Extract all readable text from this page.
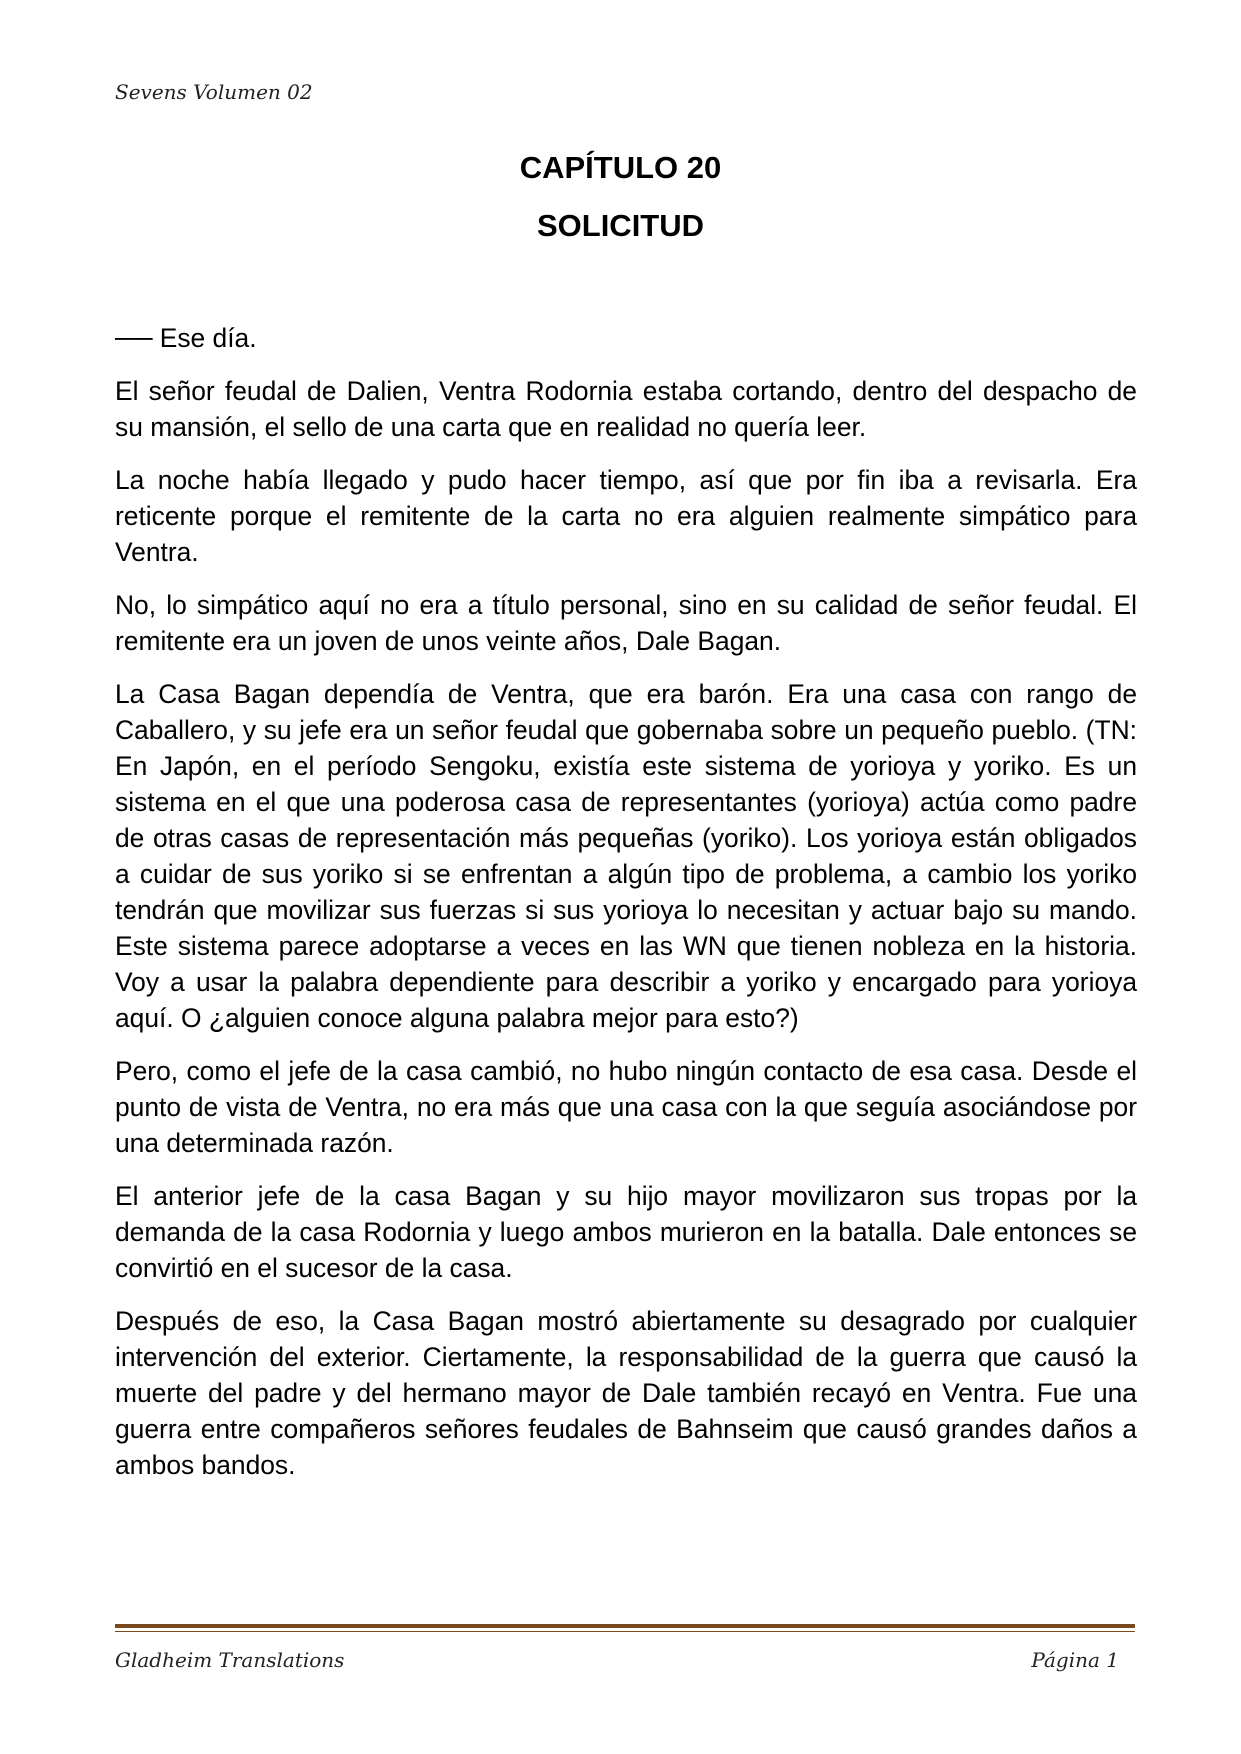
Sevens Volumen 02
CAPÍTULO 20
SOLICITUD

── Ese día.

El señor feudal de Dalien, Ventra Rodornia estaba cortando, dentro del despacho de su mansión, el sello de una carta que en realidad no quería leer.

La noche había llegado y pudo hacer tiempo, así que por fin iba a revisarla. Era reticente porque el remitente de la carta no era alguien realmente simpático para Ventra.

No, lo simpático aquí no era a título personal, sino en su calidad de señor feudal. El remitente era un joven de unos veinte años, Dale Bagan.

La Casa Bagan dependía de Ventra, que era barón. Era una casa con rango de Caballero, y su jefe era un señor feudal que gobernaba sobre un pequeño pueblo. (TN: En Japón, en el período Sengoku, existía este sistema de yorioya y yoriko. Es un sistema en el que una poderosa casa de representantes (yorioya) actúa como padre de otras casas de representación más pequeñas (yoriko). Los yorioya están obligados a cuidar de sus yoriko si se enfrentan a algún tipo de problema, a cambio los yoriko tendrán que movilizar sus fuerzas si sus yorioya lo necesitan y actuar bajo su mando. Este sistema parece adoptarse a veces en las WN que tienen nobleza en la historia. Voy a usar la palabra dependiente para describir a yoriko y encargado para yorioya aquí. O ¿alguien conoce alguna palabra mejor para esto?)

Pero, como el jefe de la casa cambió, no hubo ningún contacto de esa casa. Desde el punto de vista de Ventra, no era más que una casa con la que seguía asociándose por una determinada razón.

El anterior jefe de la casa Bagan y su hijo mayor movilizaron sus tropas por la demanda de la casa Rodornia y luego ambos murieron en la batalla. Dale entonces se convirtió en el sucesor de la casa.

Después de eso, la Casa Bagan mostró abiertamente su desagrado por cualquier intervención del exterior. Ciertamente, la responsabilidad de la guerra que causó la muerte del padre y del hermano mayor de Dale también recayó en Ventra. Fue una guerra entre compañeros señores feudales de Bahnseim que causó grandes daños a ambos bandos.

Gladheim Translations	Página 1
